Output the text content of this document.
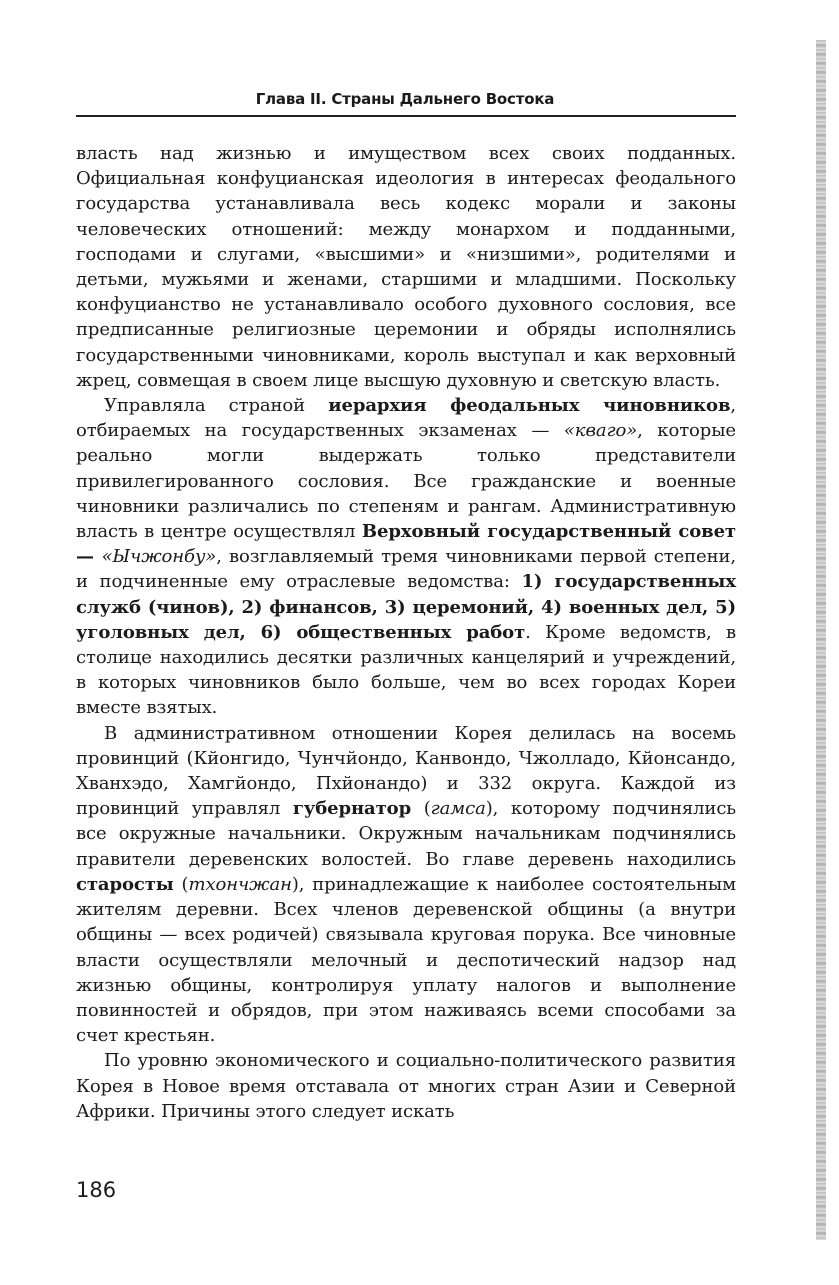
Глава II. Страны Дальнего Востока

власть над жизнью и имуществом всех своих подданных. Официальная конфуцианская идеология в интересах феодального государства устанавливала весь кодекс морали и законы человеческих отношений: между монархом и подданными, господами и слугами, «высшими» и «низшими», родителями и детьми, мужьями и женами, старшими и младшими. Поскольку конфуцианство не устанавливало особого духовного сословия, все предписанные религиозные церемонии и обряды исполнялись государственными чиновниками, король выступал и как верховный жрец, совмещая в своем лице высшую духовную и светскую власть.

Управляла страной иерархия феодальных чиновников, отбираемых на государственных экзаменах — «кваго», которые реально могли выдержать только представители привилегированного сословия. Все гражданские и военные чиновники различались по степеням и рангам. Административную власть в центре осуществлял Верховный государственный совет — «Ычжонбу», возглавляемый тремя чиновниками первой степени, и подчиненные ему отраслевые ведомства: 1) государственных служб (чинов), 2) финансов, 3) церемоний, 4) военных дел, 5) уголовных дел, 6) общественных работ. Кроме ведомств, в столице находились десятки различных канцелярий и учреждений, в которых чиновников было больше, чем во всех городах Кореи вместе взятых.

В административном отношении Корея делилась на восемь провинций (Кйонгидо, Чунчйондо, Канвондо, Чжолладо, Кйонсандо, Хванхэдо, Хамгйондо, Пхйонандо) и 332 округа. Каждой из провинций управлял губернатор (гамса), которому подчинялись все окружные начальники. Окружным начальникам подчинялись правители деревенских волостей. Во главе деревень находились старосты (тхончжан), принадлежащие к наиболее состоятельным жителям деревни. Всех членов деревенской общины (а внутри общины — всех родичей) связывала круговая порука. Все чиновные власти осуществляли мелочный и деспотический надзор над жизнью общины, контролируя уплату налогов и выполнение повинностей и обрядов, при этом наживаясь всеми способами за счет крестьян.

По уровню экономического и социально-политического развития Корея в Новое время отставала от многих стран Азии и Северной Африки. Причины этого следует искать

186
